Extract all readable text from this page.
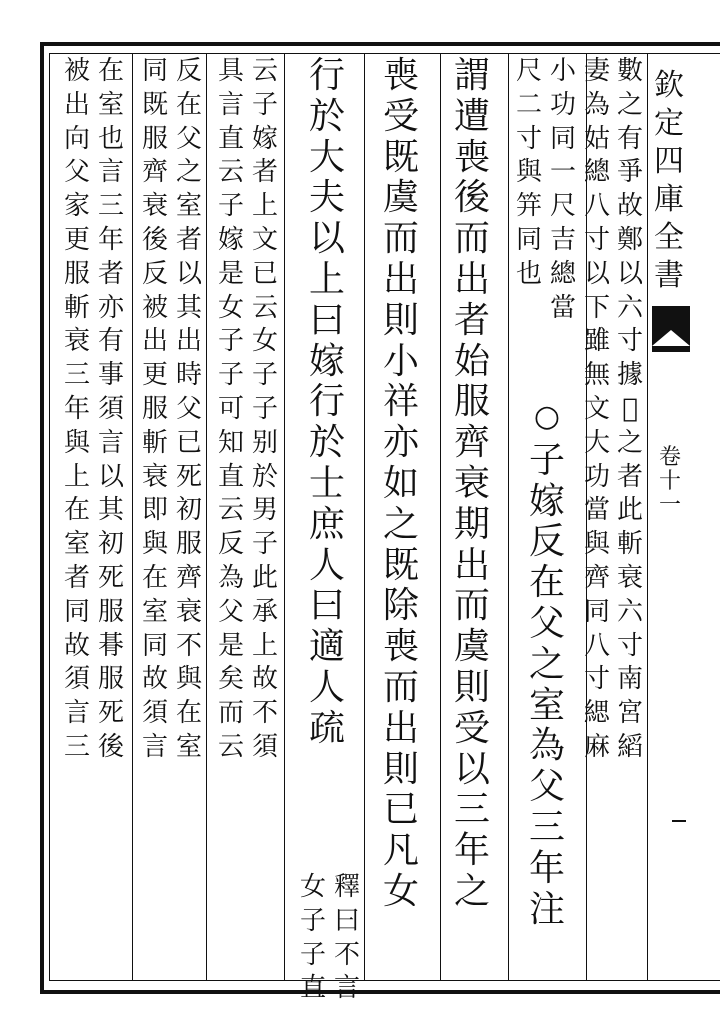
欽
定
四
庫
全
書
卷
十
一
數
之
有
爭
故
鄭
以
六
寸
據
𡊮
之
者
此
斬
衰
六
寸
南
宮
縚
妻
為
姑
總
八
寸
以
下
雖
無
文
大
功
當
與
齊
同
八
寸
緦
麻
小
功
同
一
尺
吉
總
當
尺
二
寸
與
笄
同
也
○
子
嫁
反
在
父
之
室
為
父
三
年
注
謂
遭
喪
後
而
出
者
始
服
齊
衰
期
出
而
虞
則
受
以
三
年
之
喪
受
既
虞
而
出
則
小
祥
亦
如
之
既
除
喪
而
出
則
已
凡
女
行
於
大
夫
以
上
曰
嫁
行
於
士
庶
人
曰
適
人
疏
釋
曰
不
言
女
子
子
直
云
子
嫁
者
上
文
已
云
女
子
子
别
於
男
子
此
承
上
故
不
須
具
言
直
云
子
嫁
是
女
子
子
可
知
直
云
反
為
父
是
矣
而
云
反
在
父
之
室
者
以
其
出
時
父
已
死
初
服
齊
衰
不
與
在
室
同
既
服
齊
衰
後
反
被
出
更
服
斬
衰
即
與
在
室
同
故
須
言
在
室
也
言
三
年
者
亦
有
事
須
言
以
其
初
死
服
朞
服
死
後
被
出
向
父
家
更
服
斬
衰
三
年
與
上
在
室
者
同
故
須
言
三
